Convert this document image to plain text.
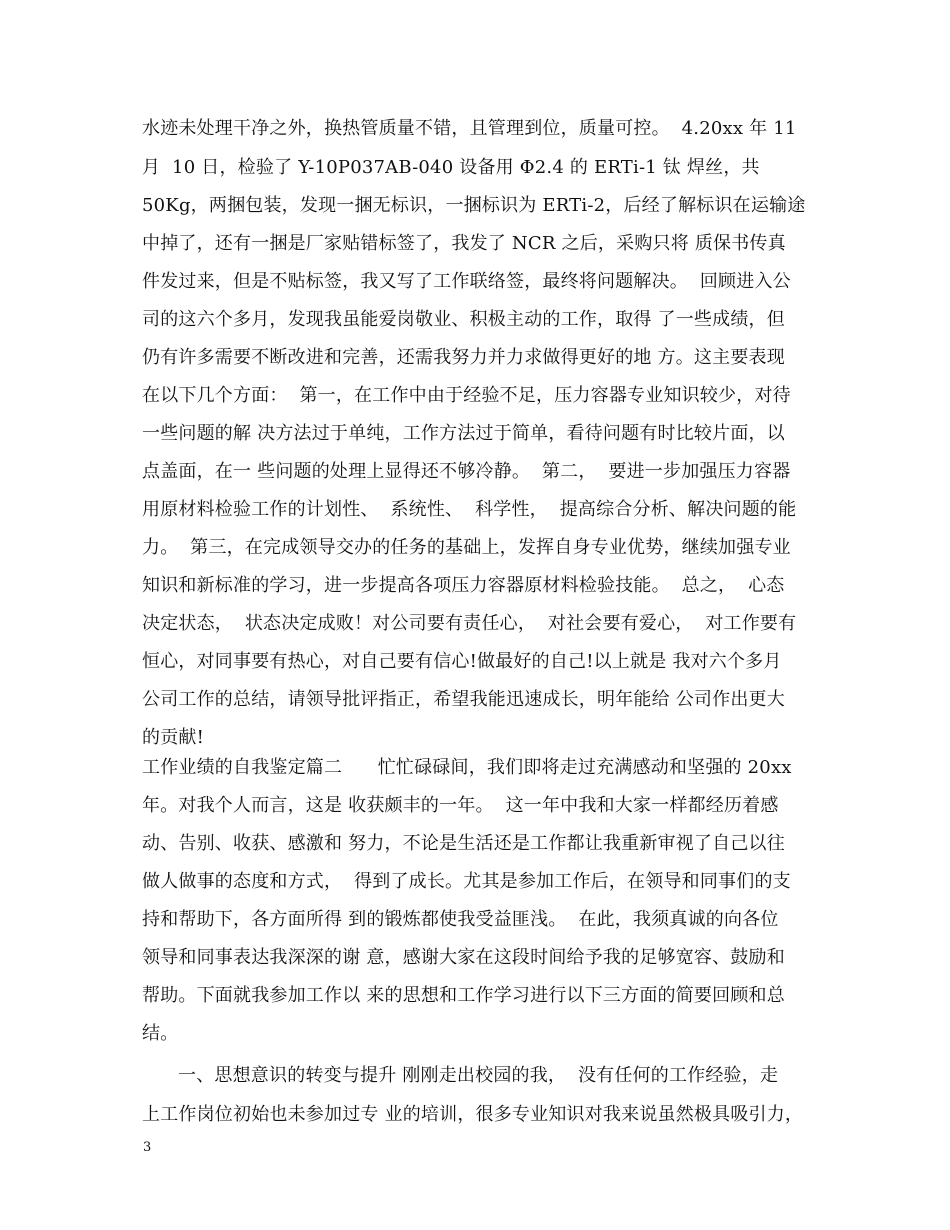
水迹未处理干净之外，换热管质量不错，且管理到位，质量可控。  4.20xx 年 11
月  10 日，检验了 Y-10P037AB-040 设备用 Φ2.4 的 ERTi-1 钛 焊丝，共
50Kg，两捆包装，发现一捆无标识，一捆标识为 ERTi-2，后经了解标识在运输途
中掉了，还有一捆是厂家贴错标签了，我发了 NCR 之后，采购只将 质保书传真
件发过来，但是不贴标签，我又写了工作联络签，最终将问题解决。  回顾进入公
司的这六个多月，发现我虽能爱岗敬业、积极主动的工作，取得 了一些成绩，但
仍有许多需要不断改进和完善，还需我努力并力求做得更好的地 方。这主要表现
在以下几个方面：  第一，在工作中由于经验不足，压力容器专业知识较少，对待
一些问题的解 决方法过于单纯，工作方法过于简单，看待问题有时比较片面，以
点盖面，在一 些问题的处理上显得还不够冷静。  第二，  要进一步加强压力容器
用原材料检验工作的计划性、  系统性、  科学性，  提高综合分析、解决问题的能
力。  第三，在完成领导交办的任务的基础上，发挥自身专业优势，继续加强专业
知识和新标准的学习，进一步提高各项压力容器原材料检验技能。  总之，  心态
决定状态，  状态决定成败！对公司要有责任心，  对社会要有爱心，  对工作要有
恒心，对同事要有热心，对自己要有信心!做最好的自己!以上就是 我对六个多月
公司工作的总结，请领导批评指正，希望我能迅速成长，明年能给 公司作出更大
的贡献!
工作业绩的自我鉴定篇二      忙忙碌碌间，我们即将走过充满感动和坚强的 20xx
年。对我个人而言，这是 收获颇丰的一年。  这一年中我和大家一样都经历着感
动、告别、收获、感激和 努力，不论是生活还是工作都让我重新审视了自己以往
做人做事的态度和方式，  得到了成长。尤其是参加工作后，在领导和同事们的支
持和帮助下，各方面所得 到的锻炼都使我受益匪浅。  在此，我须真诚的向各位
领导和同事表达我深深的谢 意，感谢大家在这段时间给予我的足够宽容、鼓励和
帮助。下面就我参加工作以 来的思想和工作学习进行以下三方面的简要回顾和总
结。
一、思想意识的转变与提升 刚刚走出校园的我，  没有任何的工作经验，走
上工作岗位初始也未参加过专 业的培训，很多专业知识对我来说虽然极具吸引力，
3
